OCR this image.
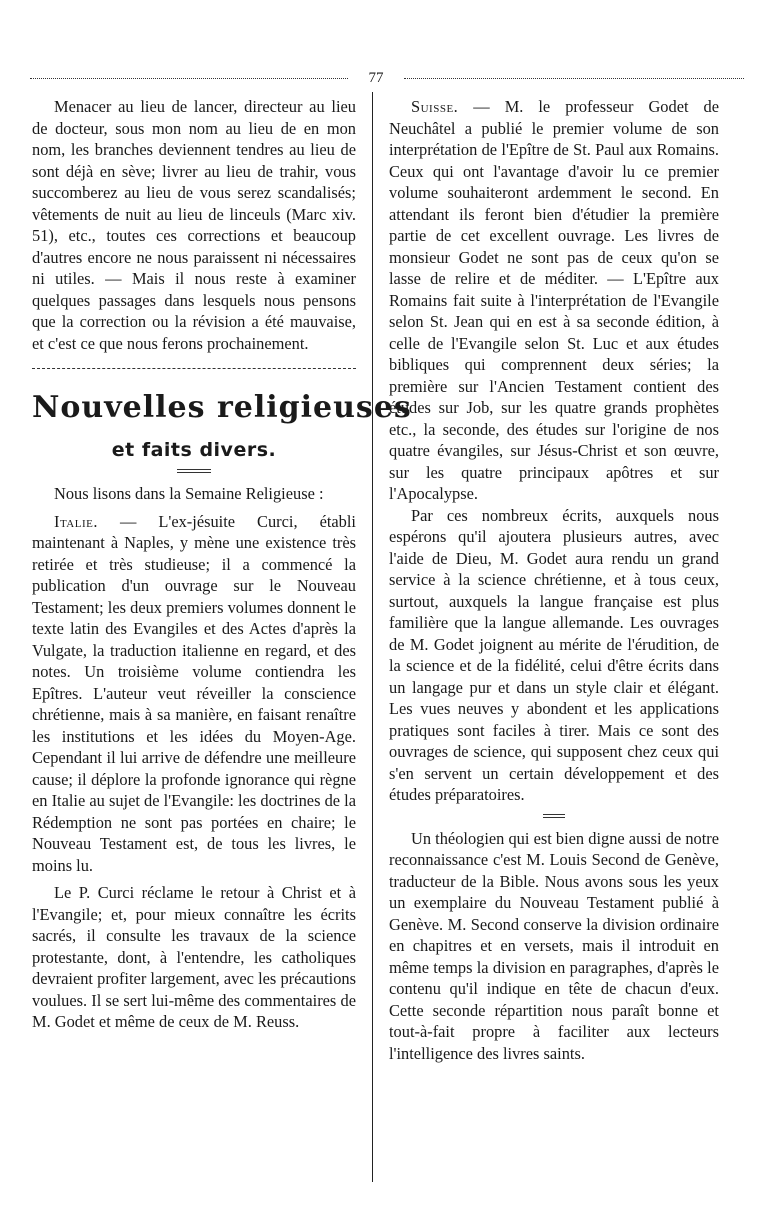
77

Menacer au lieu de lancer, directeur au lieu de docteur, sous mon nom au lieu de en mon nom, les branches deviennent tendres au lieu de sont déjà en sève; livrer au lieu de trahir, vous succomberez au lieu de vous serez scandalisés; vêtements de nuit au lieu de linceuls (Marc xiv. 51), etc., toutes ces corrections et beaucoup d'autres encore ne nous paraissent ni nécessaires ni utiles. — Mais il nous reste à examiner quelques passages dans lesquels nous pensons que la correction ou la révision a été mauvaise, et c'est ce que nous ferons prochainement.

Nouvelles religieuses
et faits divers.

Nous lisons dans la Semaine Religieuse :

Italie. — L'ex-jésuite Curci, établi maintenant à Naples, y mène une existence très retirée et très studieuse; il a commencé la publication d'un ouvrage sur le Nouveau Testament; les deux premiers volumes donnent le texte latin des Evangiles et des Actes d'après la Vulgate, la traduction italienne en regard, et des notes. Un troisième volume contiendra les Epîtres. L'auteur veut réveiller la conscience chrétienne, mais à sa manière, en faisant renaître les institutions et les idées du Moyen-Age. Cependant il lui arrive de défendre une meilleure cause; il déplore la profonde ignorance qui règne en Italie au sujet de l'Evangile: les doctrines de la Rédemption ne sont pas portées en chaire; le Nouveau Testament est, de tous les livres, le moins lu.

Le P. Curci réclame le retour à Christ et à l'Evangile; et, pour mieux connaître les écrits sacrés, il consulte les travaux de la science protestante, dont, à l'entendre, les catholiques devraient profiter largement, avec les précautions voulues. Il se sert lui-même des commentaires de M. Godet et même de ceux de M. Reuss.

Suisse. — M. le professeur Godet de Neuchâtel a publié le premier volume de son interprétation de l'Epître de St. Paul aux Romains. Ceux qui ont l'avantage d'avoir lu ce premier volume souhaiteront ardemment le second. En attendant ils feront bien d'étudier la première partie de cet excellent ouvrage. Les livres de monsieur Godet ne sont pas de ceux qu'on se lasse de relire et de méditer. — L'Epître aux Romains fait suite à l'interprétation de l'Evangile selon St. Jean qui en est à sa seconde édition, à celle de l'Evangile selon St. Luc et aux études bibliques qui comprennent deux séries; la première sur l'Ancien Testament contient des études sur Job, sur les quatre grands prophètes etc., la seconde, des études sur l'origine de nos quatre évangiles, sur Jésus-Christ et son œuvre, sur les quatre principaux apôtres et sur l'Apocalypse.

Par ces nombreux écrits, auxquels nous espérons qu'il ajoutera plusieurs autres, avec l'aide de Dieu, M. Godet aura rendu un grand service à la science chrétienne, et à tous ceux, surtout, auxquels la langue française est plus familière que la langue allemande. Les ouvrages de M. Godet joignent au mérite de l'érudition, de la science et de la fidélité, celui d'être écrits dans un langage pur et dans un style clair et élégant. Les vues neuves y abondent et les applications pratiques sont faciles à tirer. Mais ce sont des ouvrages de science, qui supposent chez ceux qui s'en servent un certain développement et des études préparatoires.

Un théologien qui est bien digne aussi de notre reconnaissance c'est M. Louis Second de Genève, traducteur de la Bible. Nous avons sous les yeux un exemplaire du Nouveau Testament publié à Genève. M. Second conserve la division ordinaire en chapitres et en versets, mais il introduit en même temps la division en paragraphes, d'après le contenu qu'il indique en tête de chacun d'eux. Cette seconde répartition nous paraît bonne et tout-à-fait propre à faciliter aux lecteurs l'intelligence des livres saints.
